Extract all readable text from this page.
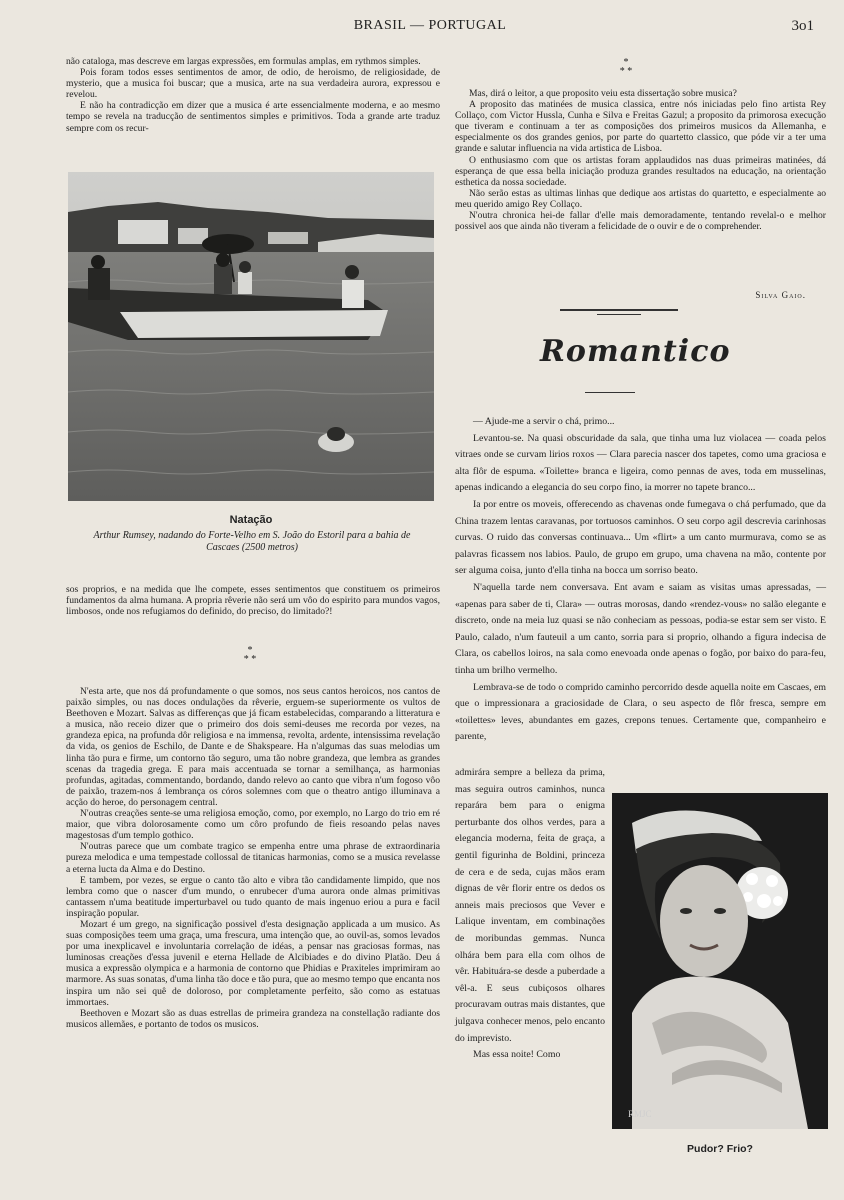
BRASIL — PORTUGAL	3o1

não cataloga, mas descreve em largas expressões, em formulas amplas, em rythmos simples.

Pois foram todos esses sentimentos de amor, de odio, de heroismo, de religiosidade, de mysterio, que a musica foi buscar; que a musica, arte na sua verdadeira aurora, expressou e revelou.

E não ha contradicção em dizer que a musica é arte essencialmente moderna, e ao mesmo tempo se revela na traducção de sentimentos simples e primitivos. Toda a grande arte traduz sempre com os recur-

Natação
Arthur Rumsey, nadando do Forte-Velho em S. João do Estoril para a bahia de Cascaes (2500 metros)

sos proprios, e na medida que lhe compete, esses sentimentos que constituem os primeiros fundamentos da alma humana. A propria rêverie não será um vôo do espirito para mundos vagos, limbosos, onde nos refugiamos do definido, do preciso, do limitado?!

*
* *

N'esta arte, que nos dá profundamente o que somos, nos seus cantos heroicos, nos cantos de paixão simples, ou nas doces ondulações da rêverie, erguem-se superiormente os vultos de Beethoven e Mozart. Salvas as differenças que já ficam estabelecidas, comparando a litteratura e a musica, não receio dizer que o primeiro dos dois semi-deuses me recorda por vezes, na grandeza epica, na profunda dôr religiosa e na immensa, revolta, ardente, intensissima revelação da vida, os genios de Eschilo, de Dante e de Shakspeare. Ha n'algumas das suas melodias um linha tão pura e firme, um contorno tão seguro, uma tão nobre grandeza, que lembra as grandes scenas da tragedia grega. E para mais accentuada se tornar a semilhança, as harmonias profundas, agitadas, commentando, bordando, dando relevo ao canto que vibra n'um fogoso vôo de paixão, trazem-nos á lembrança os córos solemnes com que o theatro antigo illuminava a acção do heroe, do personagem central.

N'outras creações sente-se uma religiosa emoção, como, por exemplo, no Largo do trio em ré maior, que vibra dolorosamente como um côro profundo de fieis resoando pelas naves magestosas d'um templo gothico.

N'outras parece que um combate tragico se empenha entre uma phrase de extraordinaria pureza melodica e uma tempestade collossal de titanicas harmonias, como se a musica revelasse a eterna lucta da Alma e do Destino.

E tambem, por vezes, se ergue o canto tão alto e vibra tão candidamente limpido, que nos lembra como que o nascer d'um mundo, o enrubecer d'uma aurora onde almas primitivas cantassem n'uma beatitude imperturbavel ou tudo quanto de mais ingenuo eriou a pura e facil inspiração popular.

Mozart é um grego, na significação possivel d'esta designação applicada a um musico. As suas composições teem uma graça, uma frescura, uma intenção que, ao ouvil-as, somos levados por uma inexplicavel e involuntaria correlação de idéas, a pensar nas graciosas formas, nas luminosas creações d'essa juvenil e eterna Hellade de Alcibiades e do divino Platão. Deu á musica a expressão olympica e a harmonia de contorno que Phidias e Praxiteles imprimiram ao marmore. As suas sonatas, d'uma linha tão doce e tão pura, que ao mesmo tempo que encanta nos inspira um não sei quê de doloroso, por completamente perfeito, são como as estatuas immortaes.

Beethoven e Mozart são as duas estrellas de primeira grandeza na constellação radiante dos musicos allemães, e portanto de todos os musicos.

*
* *

Mas, dirá o leitor, a que proposito veiu esta dissertação sobre musica?

A proposito das matinées de musica classica, entre nós iniciadas pelo fino artista Rey Collaço, com Victor Hussla, Cunha e Silva e Freitas Gazul; a proposito da primorosa execução que tiveram e continuam a ter as composições dos primeiros musicos da Allemanha, e especialmente os dos grandes genios, por parte do quartetto classico, que póde vir a ter uma grande e salutar influencia na vida artistica de Lisboa.

O enthusiasmo com que os artistas foram applaudidos nas duas primeiras matinées, dá esperança de que essa bella iniciação produza grandes resultados na educação, na orientação esthetica da nossa sociedade.

Não serão estas as ultimas linhas que dedique aos artistas do quartetto, e especialmente ao meu querido amigo Rey Collaço.

N'outra chronica hei-de fallar d'elle mais demoradamente, tentando revelal-o e melhor possivel aos que ainda não tiveram a felicidade de o ouvir e de o comprehender.

Silva Gaio.
Romantico

— Ajude-me a servir o chá, primo...

Levantou-se. Na quasi obscuridade da sala, que tinha uma luz violacea — coada pelos vitraes onde se curvam lirios roxos — Clara parecia nascer dos tapetes, como uma graciosa e alta flôr de espuma. «Toilette» branca e ligeira, como pennas de aves, toda em musselinas, apenas indicando a elegancia do seu corpo fino, ia morrer no tapete branco...

Ia por entre os moveis, offerecendo as chavenas onde fumegava o chá perfumado, que da China trazem lentas caravanas, por tortuosos caminhos. O seu corpo agil descrevia carinhosas curvas. O ruido das conversas continuava... Um «flirt» a um canto murmurava, como se as palavras ficassem nos labios. Paulo, de grupo em grupo, uma chavena na mão, contente por ser alguma coisa, junto d'ella tinha na bocca um sorriso beato.

N'aquella tarde nem conversava. Ent avam e saiam as visitas umas apressadas, — «apenas para saber de ti, Clara» — outras morosas, dando «rendez-vous» no salão elegante e discreto, onde na meia luz quasi se não conheciam as pessoas, podia-se estar sem ser visto. E Paulo, calado, n'um fauteuil a um canto, sorria para si proprio, olhando a figura indecisa de Clara, os cabellos loiros, na sala como enevoada onde apenas o fogão, por baixo do para-feu, tinha um brilho vermelho.

Lembrava-se de todo o comprido caminho percorrido desde aquella noite em Cascaes, em que o impressionara a graciosidade de Clara, o seu aspecto de flôr fresca, sempre em «toilettes» leves, abundantes em gazes, crepons tenues. Certamente que, companheiro e parente,

admirára sempre a belleza da prima, mas seguira outros caminhos, nunca reparára bem para o enigma perturbante dos olhos verdes, para a elegancia moderna, feita de graça, a gentil figurinha de Boldini, princeza de cera e de seda, cujas mãos eram dignas de vêr florir entre os dedos os anneis mais preciosos que Vever e Lalique inventam, em combinações de moribundas gemmas. Nunca olhára bem para ella com olhos de vêr. Habituára-se desde a puberdade a vêl-a. E seus cubiçosos olhares procuravam outras mais distantes, que julgava conhecer menos, pelo encanto do imprevisto.

Mas essa noite! Como

RMJC
Pudor? Frio?
